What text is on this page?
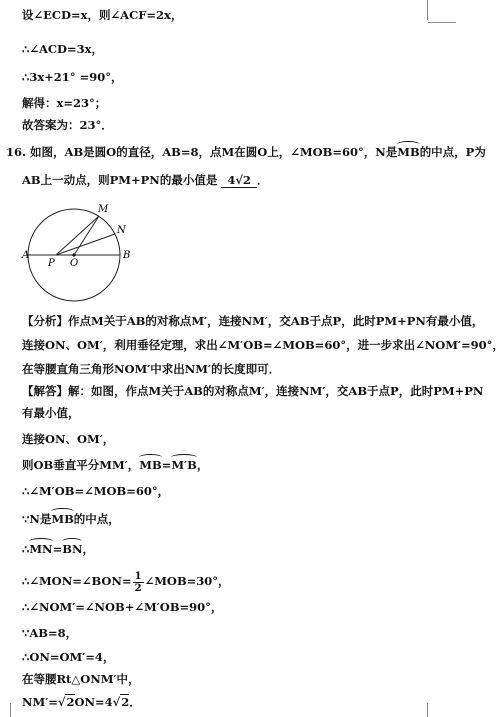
设∠ECD=x，则∠ACF=2x，
∴∠ACD=3x，
∴3x+21° =90°，
解得：x=23°；
故答案为：23°．
16. 如图，AB是圆O的直径，AB=8，点M在圆O上，∠MOB=60°，N是MB的中点，P为
AB上一动点，则PM+PN的最小值是 4√2 ．
A	B
M
N
P O
【分析】作点M关于AB的对称点M′，连接NM′，交AB于点P，此时PM+PN有最小值，
连接ON、OM′，利用垂径定理，求出∠M′OB=∠MOB=60°，进一步求出∠NOM′=90°，
在等腰直角三角形NOM′中求出NM′的长度即可．
【解答】解：如图，作点M关于AB的对称点M′，连接NM′，交AB于点P，此时PM+PN
有最小值，
连接ON、OM′，
则OB垂直平分MM′，MB=M′B，
∴∠M′OB=∠MOB=60°，
∵N是MB的中点，
∴MN=BN，
∴∠MON=∠BON= $\frac{1}{2}$ ∠MOB=30°，
∴∠NOM′=∠NOB+∠M′OB=90°，
∵AB=8，
∴ON=OM′=4，
在等腰Rt△ONM′中，
NM′=√2ON=4√2．
